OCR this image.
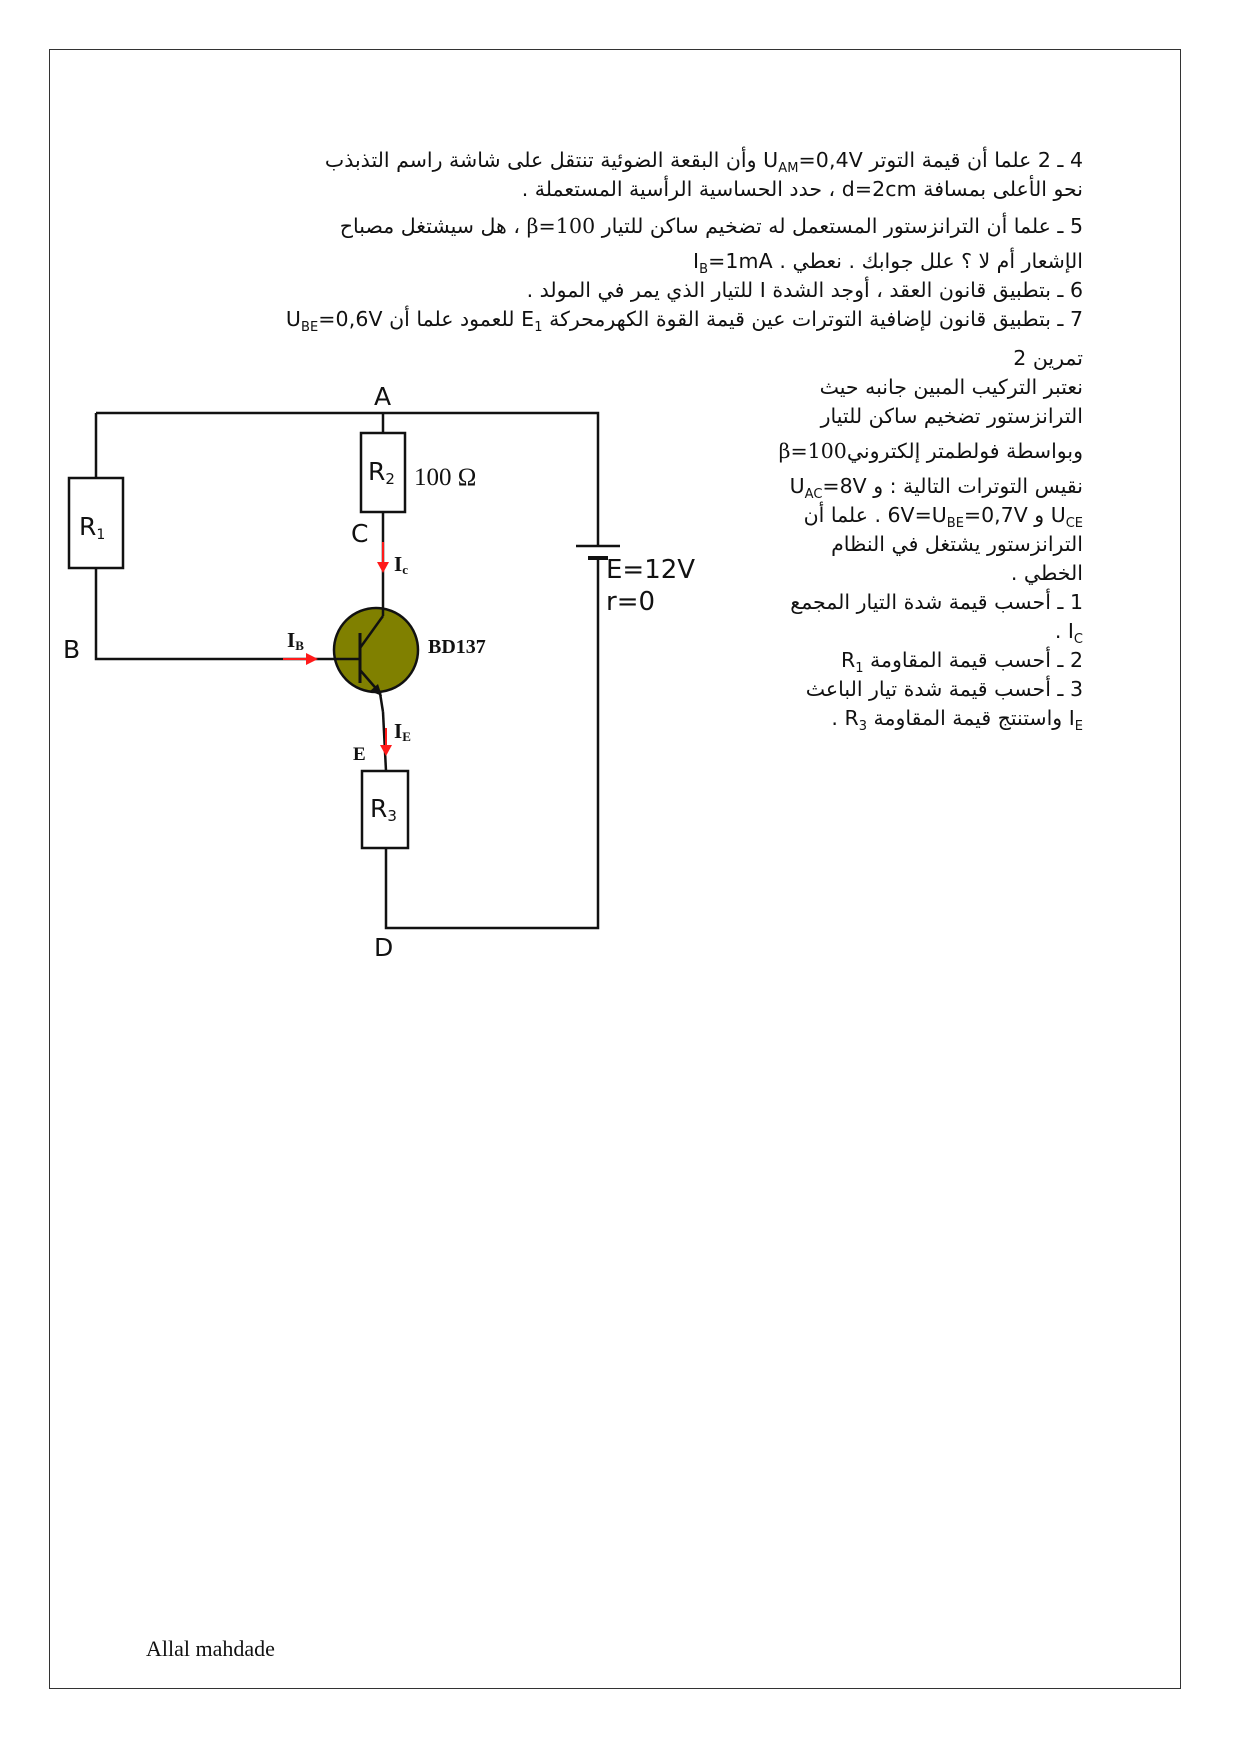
4 ـ 2 علما أن قيمة التوتر $U_{AM}=0,4V$ وأن البقعة الضوئية تنتقل على شاشة راسم التذبذب

نحو الأعلى بمسافة d=2cm ، حدد الحساسية الرأسية المستعملة .

5 ـ علما أن الترانزستور المستعمل له تضخيم ساكن للتيار β=100 ، هل سيشتغل مصباح

الإشعار أم لا ؟ علل جوابك . نعطي $I_B=1mA$ .

6 ـ بتطبيق قانون العقد ، أوجد الشدة I للتيار الذي يمر في المولد .

7 ـ بتطبيق قانون لإضافية التوترات عين قيمة القوة الكهرمحركة $E_1$ للعمود علما أن $U_{BE}=0,6V$

تمرين 2

نعتبر التركيب المبين جانبه حيث

الترانزستور تضخيم ساكن للتيار

وبواسطة فولطمتر إلكترونيβ=100

نقيس التوترات التالية : $U_{AC}=8V$ و

$U_{BE}=0,7V$ و $U_{CE}=6V$ . علما أن

الترانزستور يشتغل في النظام

الخطي .

1 ـ أحسب قيمة شدة التيار المجمع

$I_C$ .

2 ـ أحسب قيمة المقاومة $R_1$

3 ـ أحسب قيمة شدة تيار الباعث

$I_E$ واستنتج قيمة المقاومة $R_3$ .

A
B
C
D
E
R1
R2
R3
100 Ω
BD137
Ic
IB
IE
E=12V
r=0
Allal mahdade
